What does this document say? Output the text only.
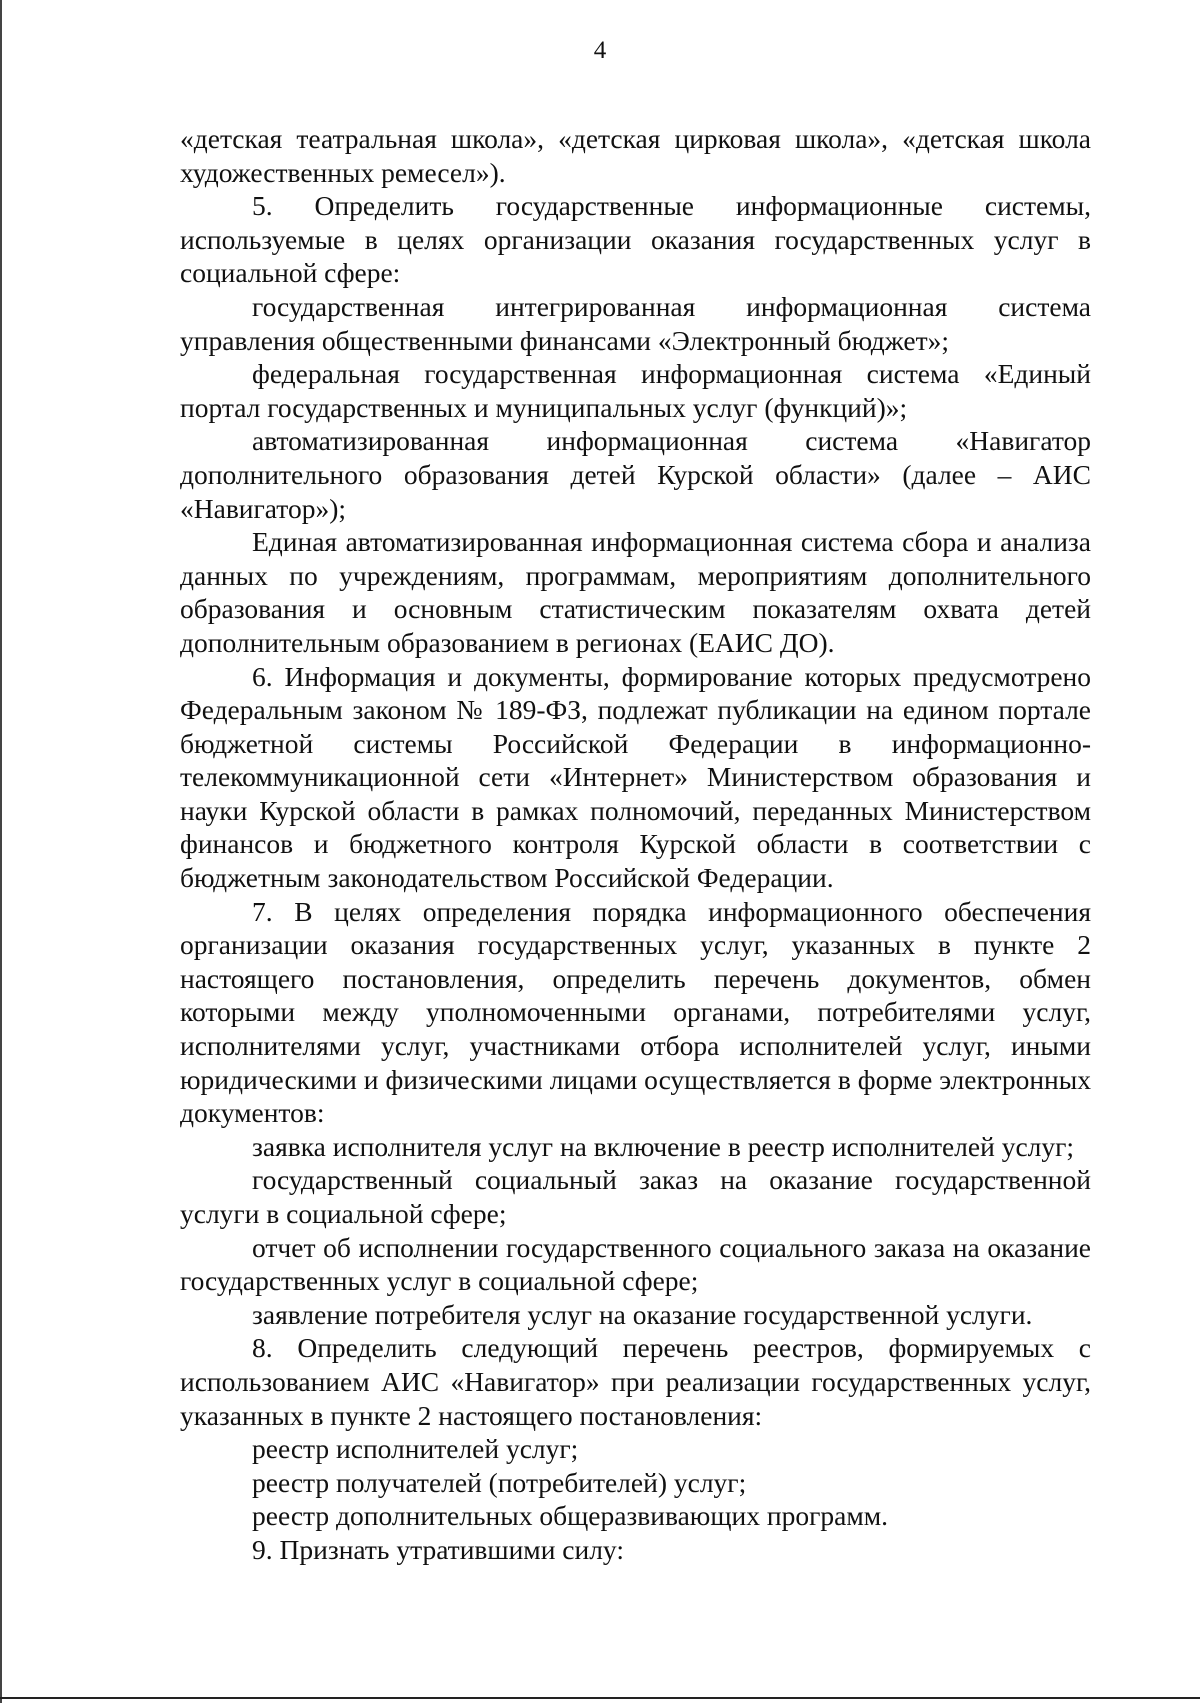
4

«детская театральная школа», «детская цирковая школа», «детская школа художественных ремесел»).

5. Определить государственные информационные системы, используемые в целях организации оказания государственных услуг в социальной сфере:

государственная интегрированная информационная система управления общественными финансами «Электронный бюджет»;

федеральная государственная информационная система «Единый портал государственных и муниципальных услуг (функций)»;

автоматизированная информационная система «Навигатор дополнительного образования детей Курской области» (далее – АИС «Навигатор»);

Единая автоматизированная информационная система сбора и анализа данных по учреждениям, программам, мероприятиям дополнительного образования и основным статистическим показателям охвата детей дополнительным образованием в регионах (ЕАИС ДО).

6. Информация и документы, формирование которых предусмотрено Федеральным законом № 189-ФЗ, подлежат публикации на едином портале бюджетной системы Российской Федерации в информационно-телекоммуникационной сети «Интернет» Министерством образования и науки Курской области в рамках полномочий, переданных Министерством финансов и бюджетного контроля Курской области в соответствии с бюджетным законодательством Российской Федерации.

7. В целях определения порядка информационного обеспечения организации оказания государственных услуг, указанных в пункте 2 настоящего постановления, определить перечень документов, обмен которыми между уполномоченными органами, потребителями услуг, исполнителями услуг, участниками отбора исполнителей услуг, иными юридическими и физическими лицами осуществляется в форме электронных документов:

заявка исполнителя услуг на включение в реестр исполнителей услуг;

государственный социальный заказ на оказание государственной услуги в социальной сфере;

отчет об исполнении государственного социального заказа на оказание государственных услуг в социальной сфере;

заявление потребителя услуг на оказание государственной услуги.

8. Определить следующий перечень реестров, формируемых с использованием АИС «Навигатор» при реализации государственных услуг, указанных в пункте 2 настоящего постановления:

реестр исполнителей услуг;

реестр получателей (потребителей) услуг;

реестр дополнительных общеразвивающих программ.

9. Признать утратившими силу:
